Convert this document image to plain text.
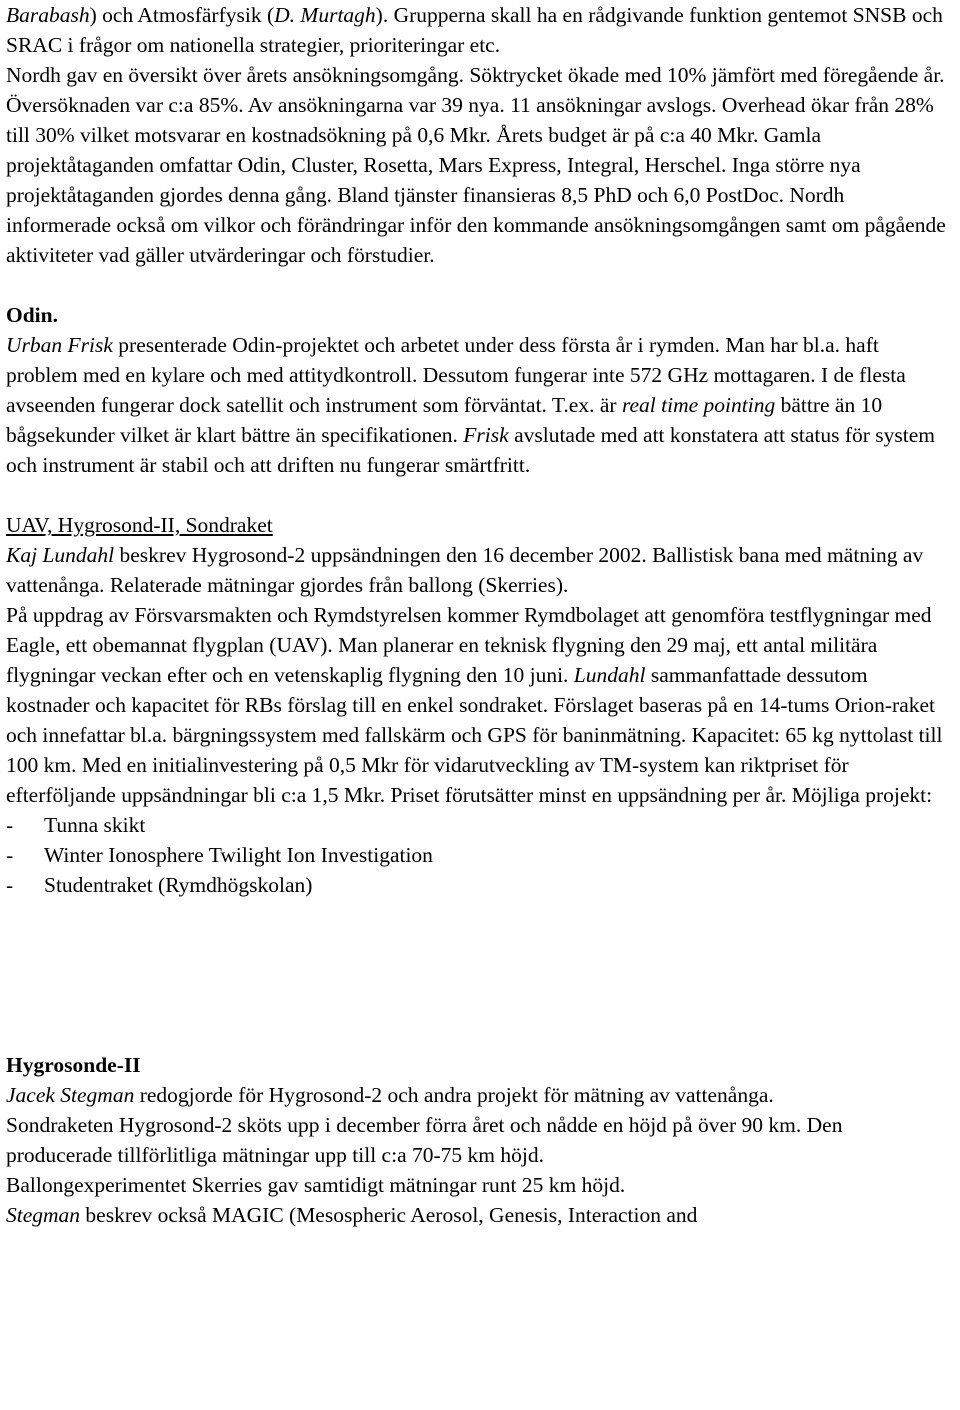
Barabash) och Atmosfärfysik (D. Murtagh). Grupperna skall ha en rådgivande funktion gentemot SNSB och SRAC i frågor om nationella strategier, prioriteringar etc.
Nordh gav en översikt över årets ansökningsomgång. Söktrycket ökade med 10% jämfört med föregående år. Översöknaden var c:a 85%. Av ansökningarna var 39 nya. 11 ansökningar avslogs. Overhead ökar från 28% till 30% vilket motsvarar en kostnadsökning på 0,6 Mkr. Årets budget är på c:a 40 Mkr. Gamla projektåtaganden omfattar Odin, Cluster, Rosetta, Mars Express, Integral, Herschel. Inga större nya projektåtaganden gjordes denna gång. Bland tjänster finansieras 8,5 PhD och 6,0 PostDoc. Nordh informerade också om vilkor och förändringar inför den kommande ansökningsomgången samt om pågående aktiviteter vad gäller utvärderingar och förstudier.

Odin.

Urban Frisk presenterade Odin-projektet och arbetet under dess första år i rymden. Man har bl.a. haft problem med en kylare och med attitydkontroll. Dessutom fungerar inte 572 GHz mottagaren. I de flesta avseenden fungerar dock satellit och instrument som förväntat. T.ex. är real time pointing bättre än 10 bågsekunder vilket är klart bättre än specifikationen. Frisk avslutade med att konstatera att status för system och instrument är stabil och att driften nu fungerar smärtfritt.

UAV, Hygrosond-II, Sondraket

Kaj Lundahl beskrev Hygrosond-2 uppsändningen den 16 december 2002. Ballistisk bana med mätning av vattenånga. Relaterade mätningar gjordes från ballong (Skerries).

På uppdrag av Försvarsmakten och Rymdstyrelsen kommer Rymdbolaget att genomföra testflygningar med Eagle, ett obemannat flygplan (UAV). Man planerar en teknisk flygning den 29 maj, ett antal militära flygningar veckan efter och en vetenskaplig flygning den 10 juni. Lundahl sammanfattade dessutom kostnader och kapacitet för RBs förslag till en enkel sondraket. Förslaget baseras på en 14-tums Orion-raket och innefattar bl.a. bärgningssystem med fallskärm och GPS för baninmätning. Kapacitet: 65 kg nyttolast till 100 km. Med en initialinvestering på 0,5 Mkr för vidarutveckling av TM-system kan riktpriset för efterföljande uppsändningar bli c:a 1,5 Mkr. Priset förutsätter minst en uppsändning per år. Möjliga projekt:

- Tunna skikt
- Winter Ionosphere Twilight Ion Investigation
- Studentraket (Rymdhögskolan)
Hygrosonde-II

Jacek Stegman redogjorde för Hygrosond-2 och andra projekt för mätning av vattenånga.
Sondraketen Hygrosond-2 sköts upp i december förra året och nådde en höjd på över 90 km. Den producerade tillförlitliga mätningar upp till c:a 70-75 km höjd.
Ballongexperimentet Skerries gav samtidigt mätningar runt 25 km höjd.
Stegman beskrev också MAGIC (Mesospheric Aerosol, Genesis, Interaction and
